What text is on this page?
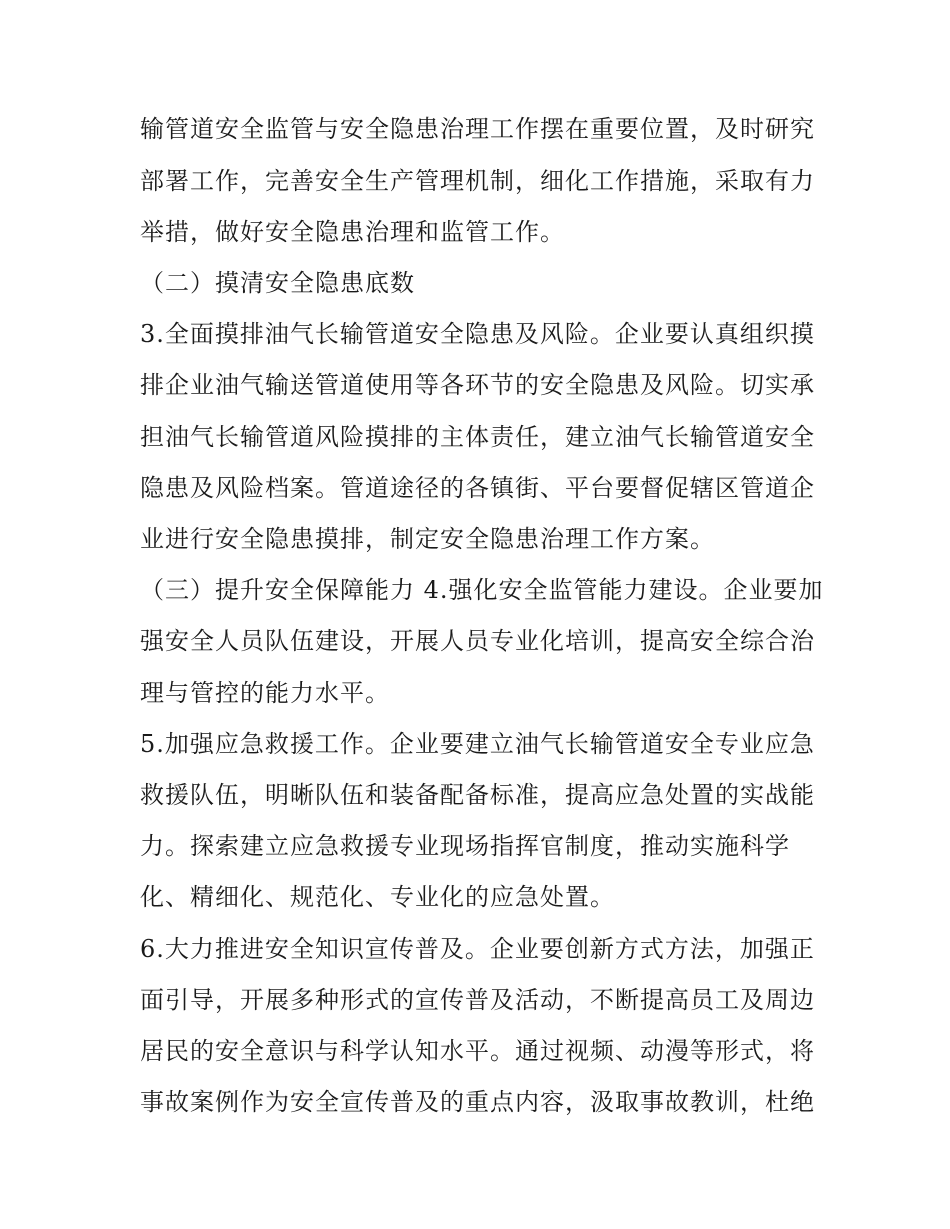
输管道安全监管与安全隐患治理工作摆在重要位置，及时研究
部署工作，完善安全生产管理机制，细化工作措施，采取有力
举措，做好安全隐患治理和监管工作。
（二）摸清安全隐患底数
3.全面摸排油气长输管道安全隐患及风险。企业要认真组织摸
排企业油气输送管道使用等各环节的安全隐患及风险。切实承
担油气长输管道风险摸排的主体责任，建立油气长输管道安全
隐患及风险档案。管道途径的各镇街、平台要督促辖区管道企
业进行安全隐患摸排，制定安全隐患治理工作方案。
（三）提升安全保障能力 4.强化安全监管能力建设。企业要加
强安全人员队伍建设，开展人员专业化培训，提高安全综合治
理与管控的能力水平。
5.加强应急救援工作。企业要建立油气长输管道安全专业应急
救援队伍，明晰队伍和装备配备标准，提高应急处置的实战能
力。探索建立应急救援专业现场指挥官制度，推动实施科学
化、精细化、规范化、专业化的应急处置。
6.大力推进安全知识宣传普及。企业要创新方式方法，加强正
面引导，开展多种形式的宣传普及活动，不断提高员工及周边
居民的安全意识与科学认知水平。通过视频、动漫等形式，将
事故案例作为安全宣传普及的重点内容，汲取事故教训，杜绝
